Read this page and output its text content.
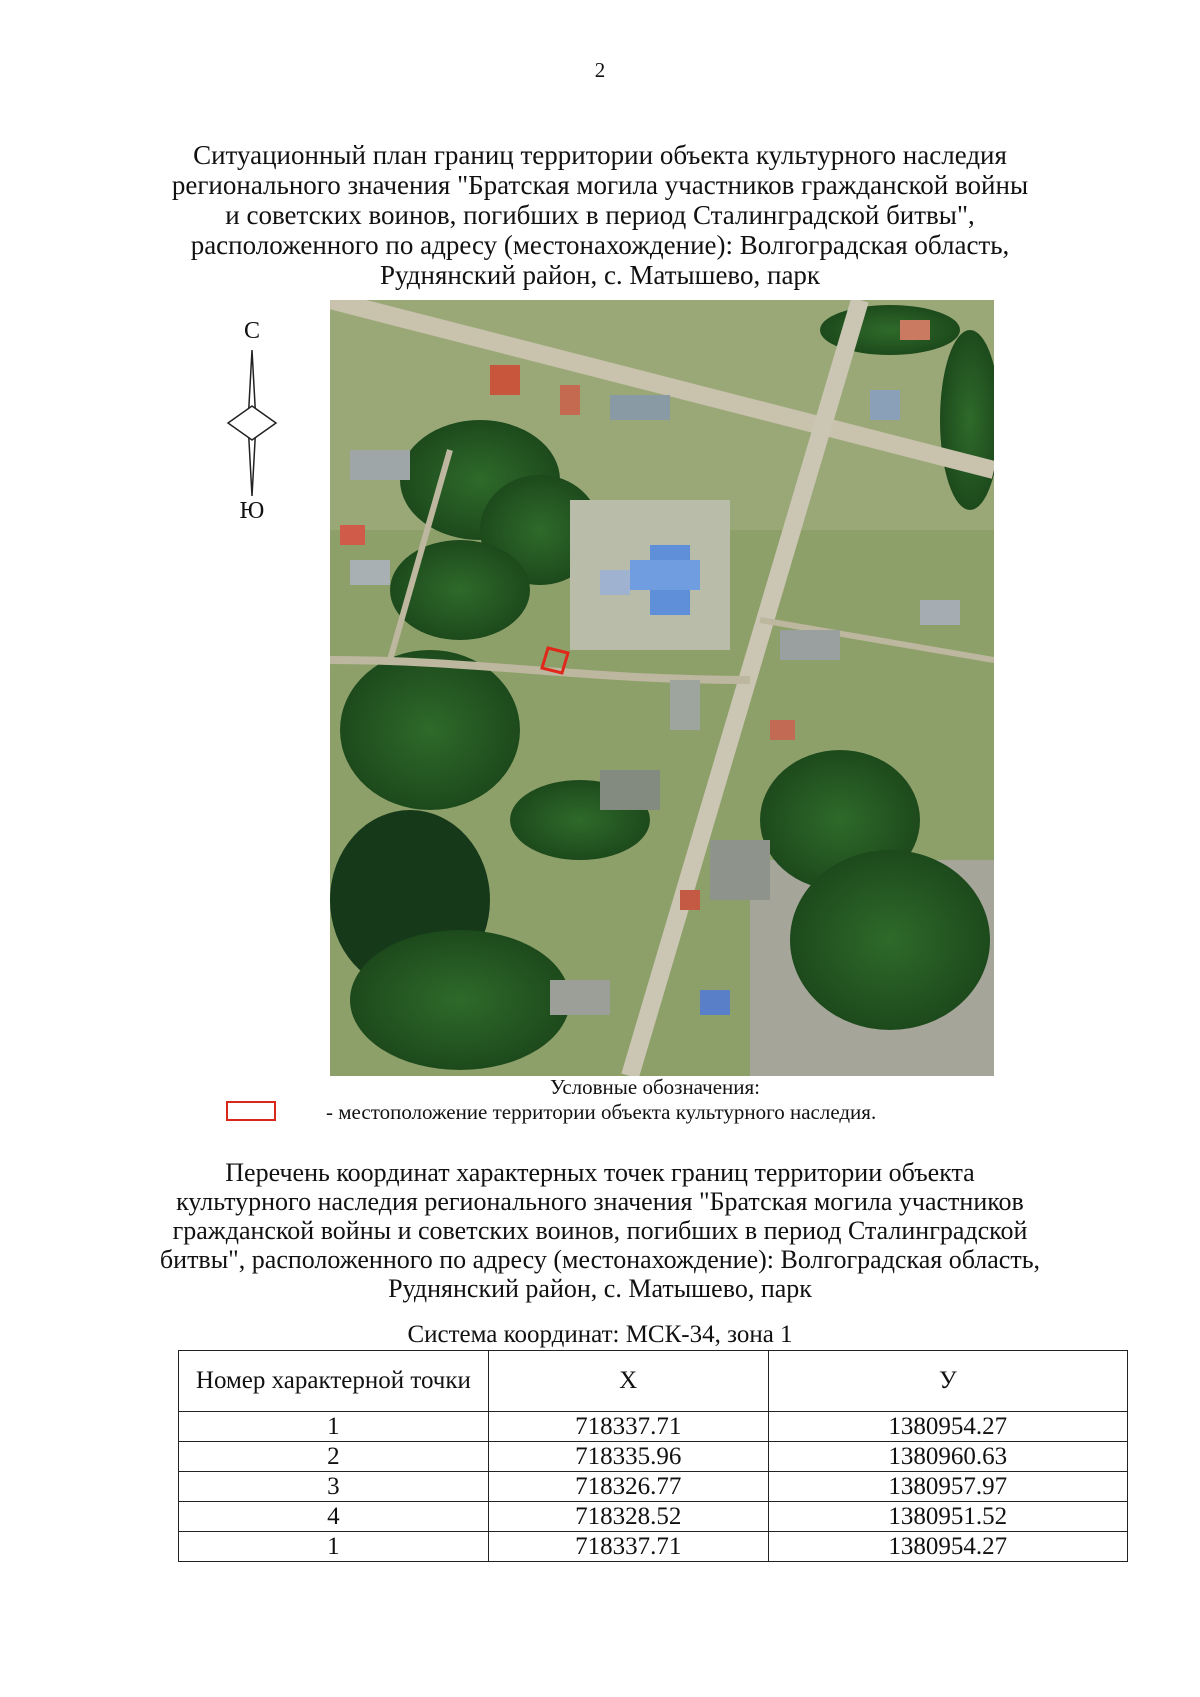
2
Ситуационный план границ территории объекта культурного наследия
регионального значения "Братская могила участников гражданской войны
и советских воинов, погибших в период Сталинградской битвы",
расположенного по адресу (местонахождение): Волгоградская область,
Руднянский район, с. Матышево, парк
С
Ю
Условные обозначения:
- местоположение территории объекта культурного наследия.
Перечень координат характерных точек границ территории объекта
культурного наследия регионального значения "Братская могила участников
гражданской войны и советских воинов, погибших в период Сталинградской
битвы", расположенного по адресу (местонахождение): Волгоградская область,
Руднянский район, с. Матышево, парк
Система координат: МСК-34, зона 1
Номер характерной точки	X	У
1	718337.71	1380954.27
2	718335.96	1380960.63
3	718326.77	1380957.97
4	718328.52	1380951.52
1	718337.71	1380954.27
